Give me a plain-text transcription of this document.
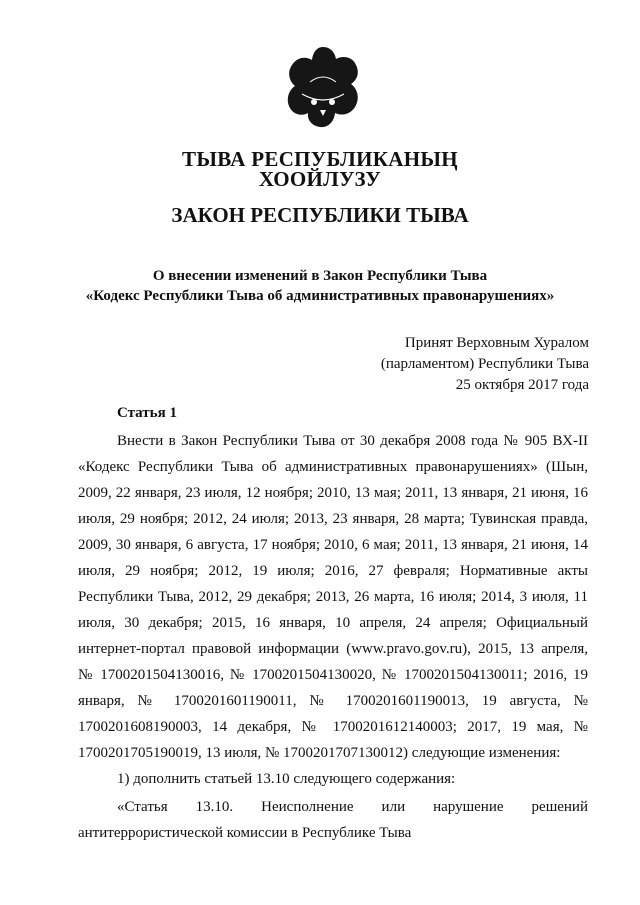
ТЫВА РЕСПУБЛИКАНЫҢ
ХООЙЛУЗУ
ЗАКОН РЕСПУБЛИКИ ТЫВА
О внесении изменений в Закон Республики Тыва
«Кодекс Республики Тыва об административных правонарушениях»
Принят Верховным Хуралом
(парламентом) Республики Тыва
25 октября 2017 года
Статья 1
Внести в Закон Республики Тыва от 30 декабря 2008 года № 905 ВХ-II
«Кодекс Республики Тыва об административных правонарушениях» (Шын,
2009, 22 января, 23 июля, 12 ноября; 2010, 13 мая; 2011, 13 января, 21 июня, 16
июля, 29 ноября; 2012, 24 июля; 2013, 23 января, 28 марта; Тувинская правда,
2009, 30 января, 6 августа, 17 ноября; 2010, 6 мая; 2011, 13 января, 21 июня, 14
июля, 29 ноября; 2012, 19 июля; 2016, 27 февраля; Нормативные акты
Республики Тыва, 2012, 29 декабря; 2013, 26 марта, 16 июля; 2014, 3 июля, 11
июля, 30 декабря; 2015, 16 января, 10 апреля, 24 апреля; Официальный
интернет-портал правовой информации (www.pravo.gov.ru), 2015, 13 апреля,
№ 1700201504130016, № 1700201504130020, № 1700201504130011; 2016, 19
января, № 1700201601190011, № 1700201601190013, 19 августа, №
1700201608190003, 14 декабря, № 1700201612140003; 2017, 19 мая, №
1700201705190019, 13 июля, № 1700201707130012) следующие изменения:
1) дополнить статьей 13.10 следующего содержания:
«Статья 13.10. Неисполнение или нарушение решений
антитеррористической комиссии в Республике Тыва
